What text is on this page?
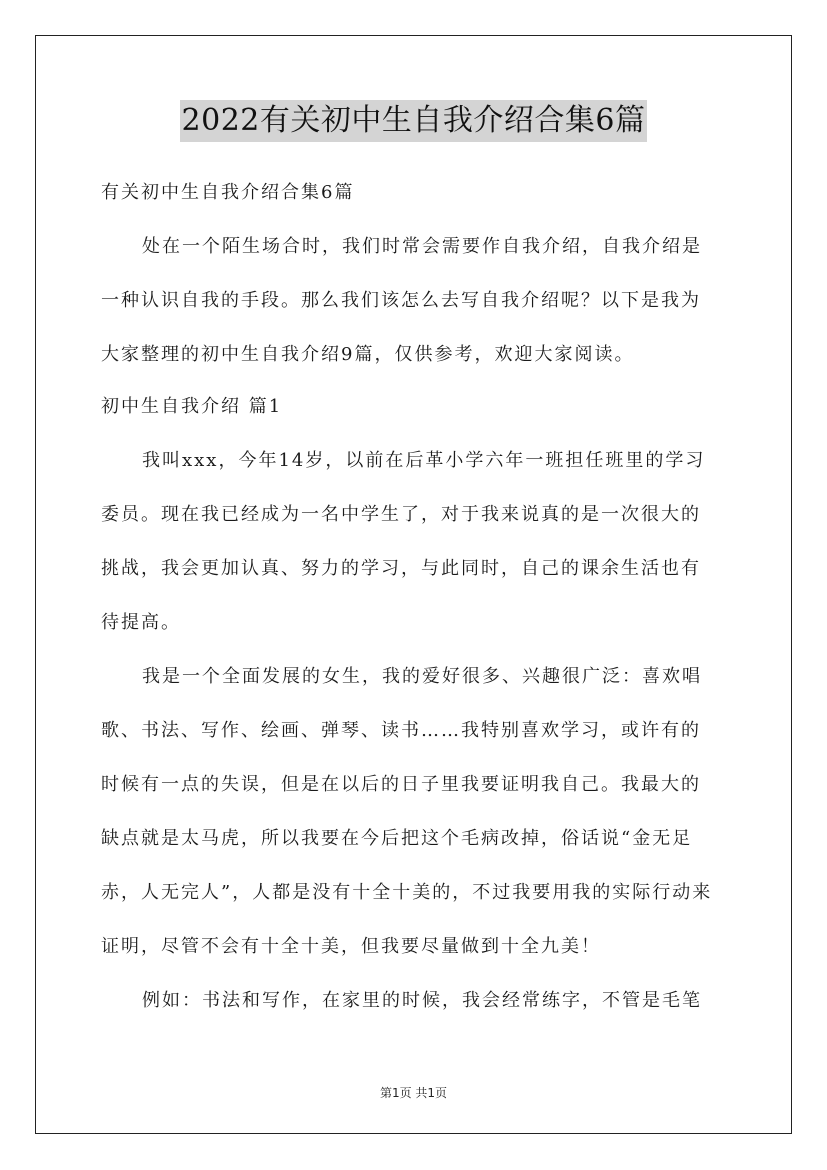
2022有关初中生自我介绍合集6篇
有关初中生自我介绍合集6篇
处在一个陌生场合时，我们时常会需要作自我介绍，自我介绍是
一种认识自我的手段。那么我们该怎么去写自我介绍呢？以下是我为
大家整理的初中生自我介绍9篇，仅供参考，欢迎大家阅读。
初中生自我介绍 篇1
我叫xxx，今年14岁，以前在后革小学六年一班担任班里的学习
委员。现在我已经成为一名中学生了，对于我来说真的是一次很大的
挑战，我会更加认真、努力的学习，与此同时，自己的课余生活也有
待提高。
我是一个全面发展的女生，我的爱好很多、兴趣很广泛：喜欢唱
歌、书法、写作、绘画、弹琴、读书……我特别喜欢学习，或许有的
时候有一点的失误，但是在以后的日子里我要证明我自己。我最大的
缺点就是太马虎，所以我要在今后把这个毛病改掉，俗话说“金无足
赤，人无完人”，人都是没有十全十美的，不过我要用我的实际行动来
证明，尽管不会有十全十美，但我要尽量做到十全九美！
例如：书法和写作，在家里的时候，我会经常练字，不管是毛笔
第1页 共1页
